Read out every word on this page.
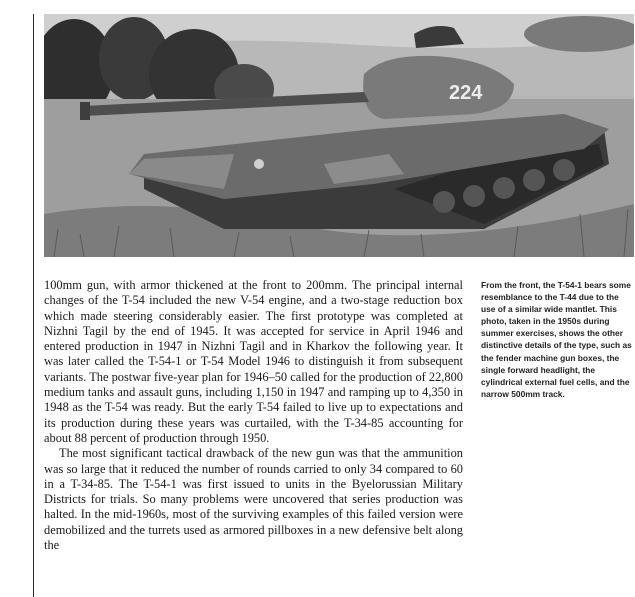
224

100mm gun, with armor thickened at the front to 200mm. The principal internal changes of the T-54 included the new V-54 engine, and a two-stage reduction box which made steering considerably easier. The first prototype was completed at Nizhni Tagil by the end of 1945. It was accepted for service in April 1946 and entered production in 1947 in Nizhni Tagil and in Kharkov the following year. It was later called the T-54-1 or T-54 Model 1946 to distinguish it from subsequent variants. The postwar five-year plan for 1946–50 called for the production of 22,800 medium tanks and assault guns, including 1,150 in 1947 and ramping up to 4,350 in 1948 as the T-54 was ready. But the early T-54 failed to live up to expectations and its production during these years was curtailed, with the T-34-85 accounting for about 88 percent of production through 1950.

The most significant tactical drawback of the new gun was that the ammunition was so large that it reduced the number of rounds carried to only 34 compared to 60 in a T-34-85. The T-54-1 was first issued to units in the Byelorussian Military Districts for trials. So many problems were uncovered that series production was halted. In the mid-1960s, most of the surviving examples of this failed version were demobilized and the turrets used as armored pillboxes in a new defensive belt along the

From the front, the T-54-1 bears some resemblance to the T-44 due to the use of a similar wide mantlet. This photo, taken in the 1950s during summer exercises, shows the other distinctive details of the type, such as the fender machine gun boxes, the single forward headlight, the cylindrical external fuel cells, and the narrow 500mm track.
